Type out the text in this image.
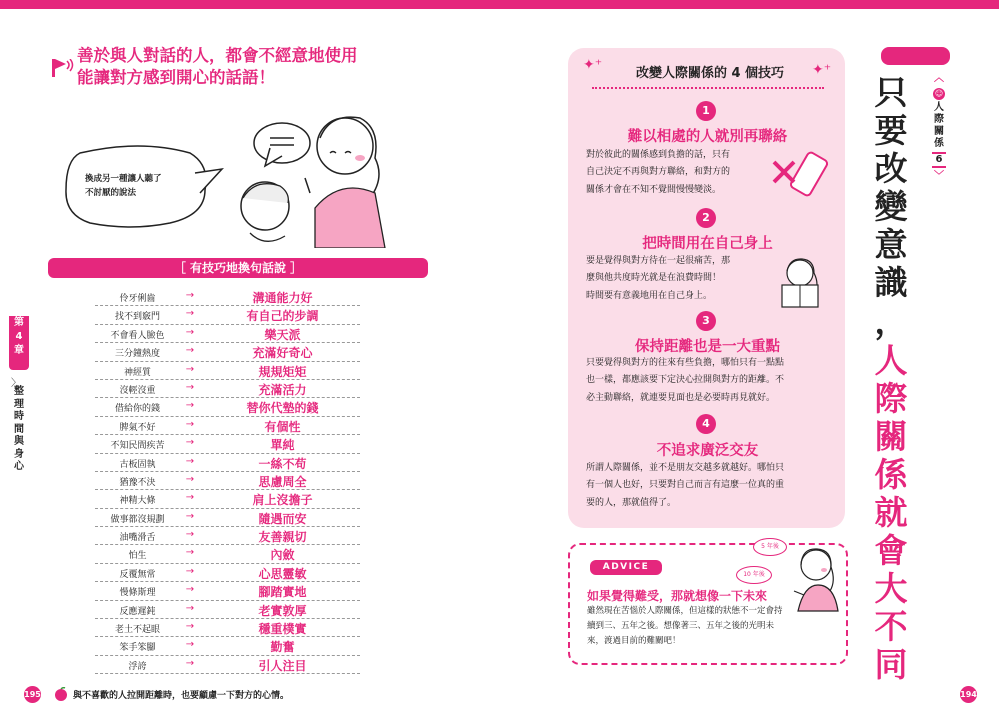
善於與人對話的人，都會不經意地使用
能讓對方感到開心的話語！
換成另一種讓人聽了
不討厭的說法
［ 有技巧地換句話說 ］
伶牙俐齒	→	溝通能力好
找不到竅門	→	有自己的步調
不會看人臉色	→	樂天派
三分鐘熱度	→	充滿好奇心
神經質	→	規規矩矩
沒輕沒重	→	充滿活力
借給你的錢	→	替你代墊的錢
脾氣不好	→	有個性
不知民間疾苦	→	單純
古板固執	→	一絲不苟
猶豫不決	→	思慮周全
神精大條	→	肩上沒擔子
做事都沒規劃	→	隨遇而安
油嘴滑舌	→	友善親切
怕生	→	內斂
反覆無常	→	心思靈敏
慢條斯理	→	腳踏實地
反應遲鈍	→	老實敦厚
老土不起眼	→	穩重樸實
笨手笨腳	→	勤奮
浮誇	→	引人注目
第
4
章
〉
整
理
時
間
與
身
心
195	與不喜歡的人拉開距離時，也要顧慮一下對方的心情。
✦⁺	✦⁺
改變人際關係的 4 個技巧
1
難以相處的人就別再聯絡
對於彼此的關係感到負擔的話，只有
自己決定不再與對方聯絡，和對方的
關係才會在不知不覺間慢慢變淡。
2
把時間用在自己身上
要是覺得與對方待在一起很痛苦，那
麼與他共度時光就是在浪費時間！
時間要有意義地用在自己身上。
3
保持距離也是一大重點
只要覺得與對方的往來有些負擔，哪怕只有一點點
也一樣，都應該要下定決心拉開與對方的距離。不
必主動聯絡，就連要見面也是必要時再見就好。
4
不追求廣泛交友
所謂人際關係，並不是朋友交越多就越好。哪怕只
有一個人也好，只要對自己而言有這麼一位真的重
要的人，那就值得了。
ADVICE
如果覺得難受，那就想像一下未來
雖然現在苦惱於人際關係，但這樣的狀態不一定會持
續到三、五年之後。想像著三、五年之後的光明未
來，渡過目前的難關吧！
5 年後
10 年後
只
要
改
變
意
識
，
人
際
關
係
就
會
大
不
同
︿
☺
人
際
關
係
6
﹀
194
